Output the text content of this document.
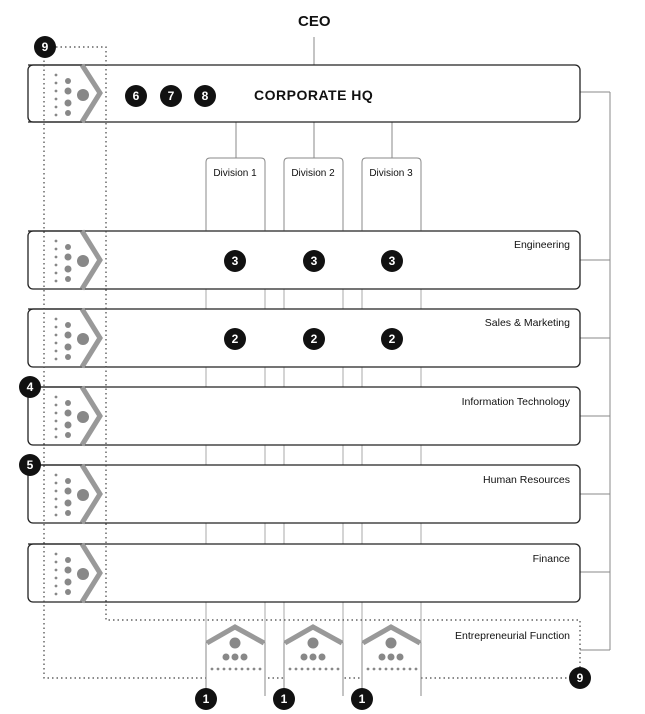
CEO
CORPORATE HQ
6	7	8
Division 1	Division 2	Division 3
Engineering
Sales & Marketing
Information Technology
Human Resources
Finance
Entrepreneurial Function
3	3	3
2	2	2
4
5
9
9
1	1	1
